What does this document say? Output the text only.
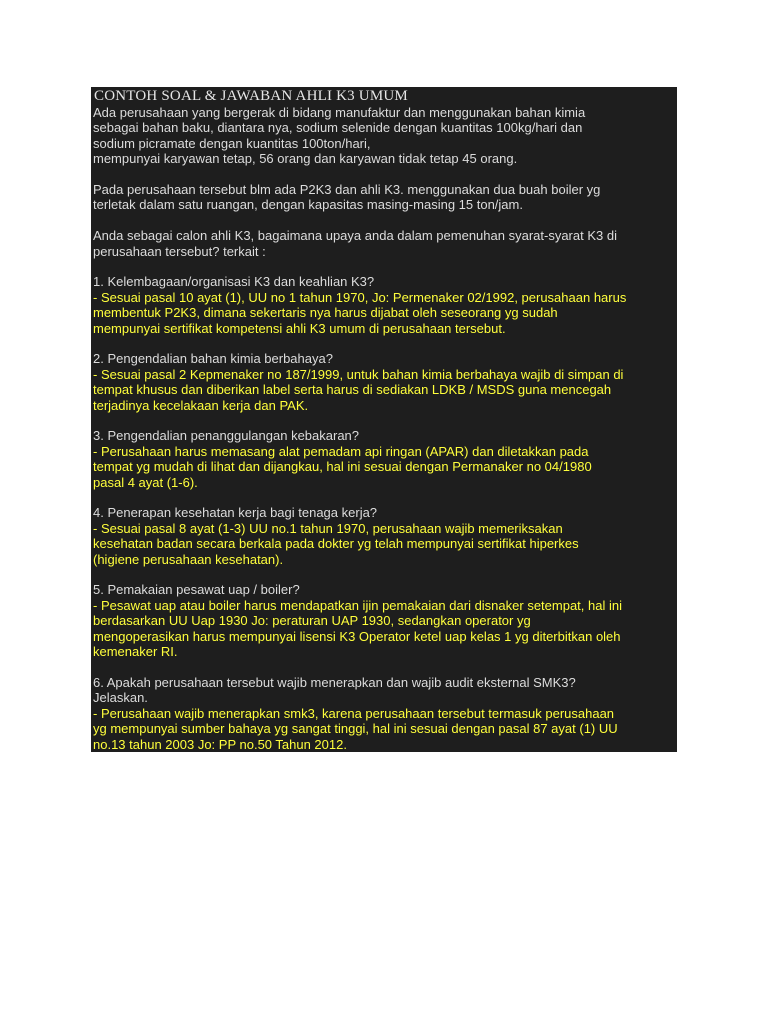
CONTOH SOAL & JAWABAN AHLI K3 UMUM

Ada perusahaan yang bergerak di bidang manufaktur dan menggunakan bahan kimia

sebagai bahan baku, diantara nya, sodium selenide dengan kuantitas 100kg/hari dan

sodium picramate dengan kuantitas 100ton/hari,

mempunyai karyawan tetap, 56 orang dan karyawan tidak tetap 45 orang.

Pada perusahaan tersebut blm ada P2K3 dan ahli K3. menggunakan dua buah boiler yg

terletak dalam satu ruangan, dengan kapasitas masing-masing 15 ton/jam.

Anda sebagai calon ahli K3, bagaimana upaya anda dalam pemenuhan syarat-syarat K3 di

perusahaan tersebut? terkait :

1. Kelembagaan/organisasi K3 dan keahlian K3?

- Sesuai pasal 10 ayat (1), UU no 1 tahun 1970, Jo: Permenaker 02/1992, perusahaan harus

membentuk P2K3, dimana sekertaris nya harus dijabat oleh seseorang yg sudah

mempunyai sertifikat kompetensi ahli K3 umum di perusahaan tersebut.

2. Pengendalian bahan kimia berbahaya?

- Sesuai pasal 2 Kepmenaker no 187/1999, untuk bahan kimia berbahaya wajib di simpan di

tempat khusus dan diberikan label serta harus di sediakan LDKB / MSDS guna mencegah

terjadinya kecelakaan kerja dan PAK.

3. Pengendalian penanggulangan kebakaran?

- Perusahaan harus memasang alat pemadam api ringan (APAR) dan diletakkan pada

tempat yg mudah di lihat dan dijangkau, hal ini sesuai dengan Permanaker no 04/1980

pasal 4 ayat (1-6).

4. Penerapan kesehatan kerja bagi tenaga kerja?

- Sesuai pasal 8 ayat (1-3) UU no.1 tahun 1970, perusahaan wajib memeriksakan

kesehatan badan secara berkala pada dokter yg telah mempunyai sertifikat hiperkes

(higiene perusahaan kesehatan).

5. Pemakaian pesawat uap / boiler?

- Pesawat uap atau boiler harus mendapatkan ijin pemakaian dari disnaker setempat, hal ini

berdasarkan UU Uap 1930 Jo: peraturan UAP 1930, sedangkan operator yg

mengoperasikan harus mempunyai lisensi K3 Operator ketel uap kelas 1 yg diterbitkan oleh

kemenaker RI.

6. Apakah perusahaan tersebut wajib menerapkan dan wajib audit eksternal SMK3?

Jelaskan.

- Perusahaan wajib menerapkan smk3, karena perusahaan tersebut termasuk perusahaan

yg mempunyai sumber bahaya yg sangat tinggi, hal ini sesuai dengan pasal 87 ayat (1) UU

no.13 tahun 2003 Jo: PP no.50 Tahun 2012.
